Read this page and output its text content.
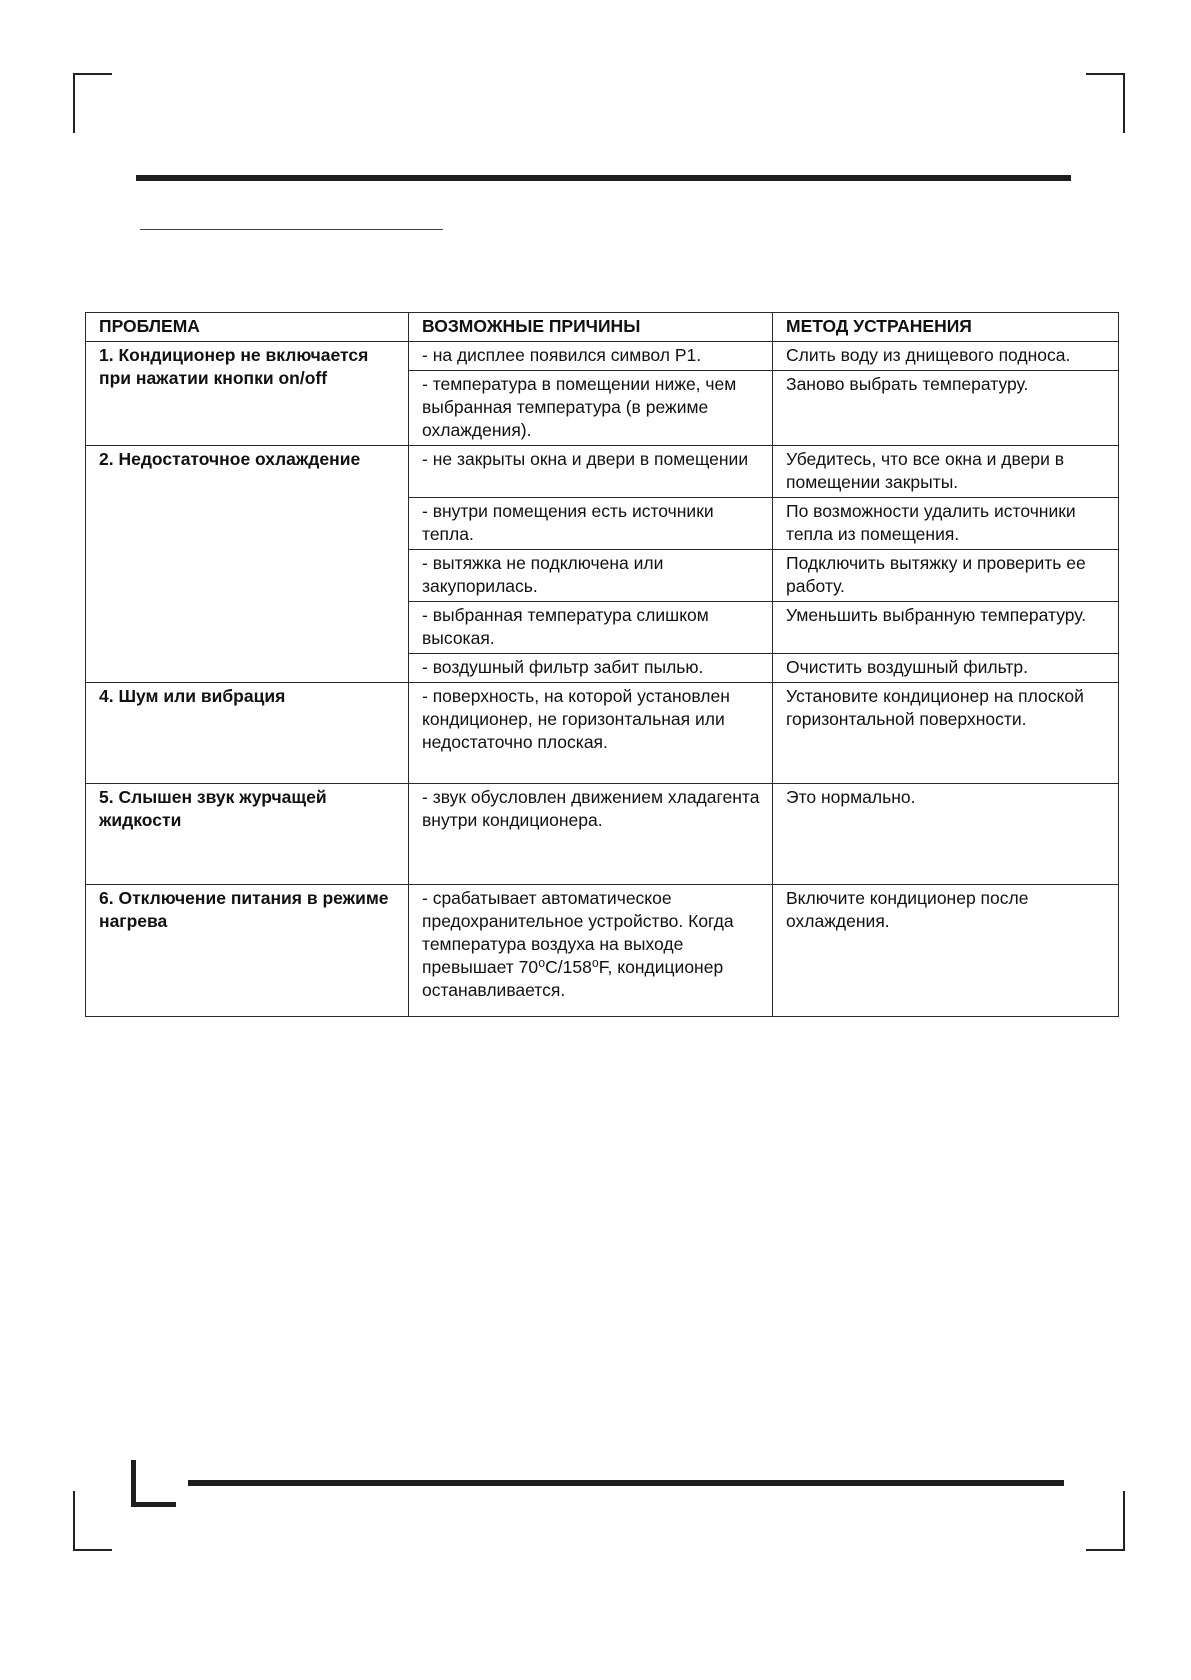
ПРОБЛЕМА	ВОЗМОЖНЫЕ ПРИЧИНЫ	МЕТОД УСТРАНЕНИЯ
1. Кондиционер не включается при нажатии кнопки on/off	- на дисплее появился символ Р1.	Слить воду из днищевого подноса.
	- температура в помещении ниже, чем выбранная температура (в режиме охлаждения).	Заново выбрать температуру.
2. Недостаточное охлаждение	- не закрыты окна и двери в помещении	Убедитесь, что все окна и двери в помещении закрыты.
	- внутри помещения есть источники тепла.	По возможности удалить источники тепла из помещения.
	- вытяжка не подключена или закупорилась.	Подключить вытяжку и проверить ее работу.
	- выбранная температура слишком высокая.	Уменьшить выбранную температуру.
	- воздушный фильтр забит пылью.	Очистить воздушный фильтр.
4. Шум или вибрация	- поверхность, на которой установлен кондиционер, не горизонтальная или недостаточно плоская.	Установите кондиционер на плоской горизонтальной поверхности.
5. Слышен звук журчащей жидкости	- звук обусловлен движением хладагента внутри кондиционера.	Это нормально.
6. Отключение питания в режиме нагрева	- срабатывает автоматическое предохранительное устройство. Когда температура воздуха на выходе превышает 70⁰С/158⁰F, кондиционер останавливается.	Включите кондиционер после охлаждения.
